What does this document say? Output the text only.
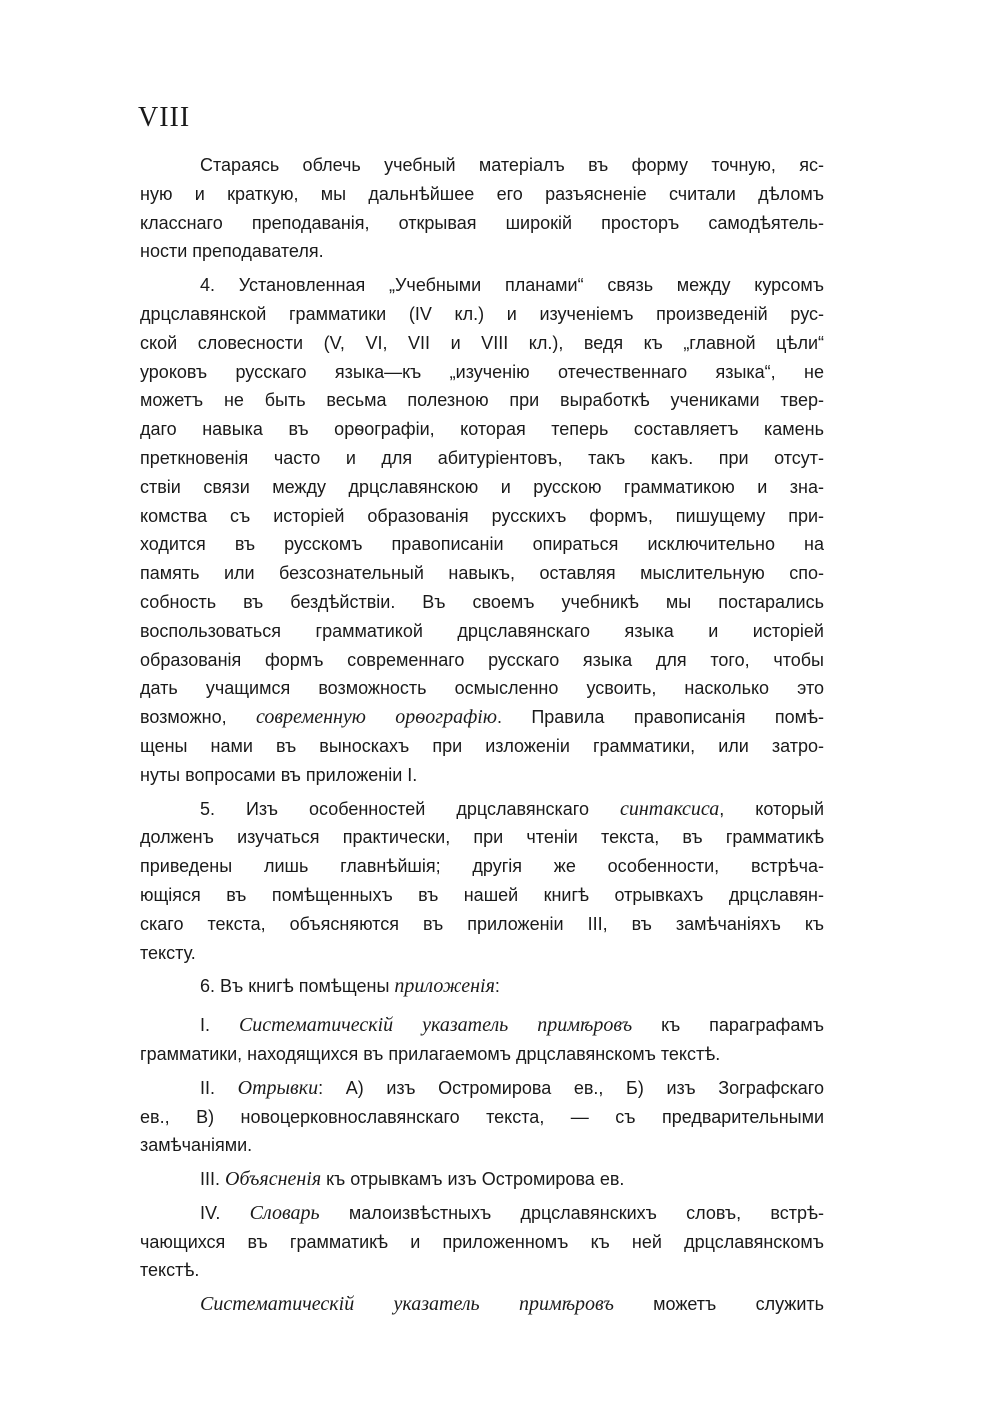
VIII
Стараясь облечь учебный матеріалъ въ форму точную, яс-
ную и краткую, мы дальнѣйшее его разъясненіе считали дѣломъ
класснаго преподаванія, открывая широкій просторъ самодѣятель-
ности преподавателя.
4. Установленная „Учебными планами“ связь между курсомъ
дрцславянской грамматики (IV кл.) и изученіемъ произведеній рус-
ской словесности (V, VI, VII и VIII кл.), ведя къ „главной цѣли“
уроковъ русскаго языка—къ „изученію отечественнаго языка“, не
можетъ не быть весьма полезною при выработкѣ учениками твер-
даго навыка въ орѳографіи, которая теперь составляетъ камень
преткновенія часто и для абитуріентовъ, такъ какъ. при отсут-
ствіи связи между дрцславянскою и русскою грамматикою и зна-
комства съ исторіей образованія русскихъ формъ, пишущему при-
ходится въ русскомъ правописаніи опираться исключительно на
память или безсознательный навыкъ, оставляя мыслительную спо-
собность въ бездѣйствіи. Въ своемъ учебникѣ мы постарались
воспользоваться грамматикой дрцславянскаго языка и исторіей
образованія формъ современнаго русскаго языка для того, чтобы
дать учащимся возможность осмысленно усвоить, насколько это
возможно, современную орѳографію. Правила правописанія помѣ-
щены нами въ выноскахъ при изложеніи грамматики, или затро-
нуты вопросами въ приложеніи I.
5. Изъ особенностей дрцславянскаго синтаксиса, который
долженъ изучаться практически, при чтеніи текста, въ грамматикѣ
приведены лишь главнѣйшія; другія же особенности, встрѣча-
ющіяся въ помѣщенныхъ въ нашей книгѣ отрывкахъ дрцславян-
скаго текста, объясняются въ приложеніи III, въ замѣчаніяхъ къ
тексту.
6. Въ книгѣ помѣщены приложенія:
I. Систематическій указатель примѣровъ къ параграфамъ
грамматики, находящихся въ прилагаемомъ дрцславянскомъ текстѣ.
II. Отрывки: А) изъ Остромирова ев., Б) изъ Зографскаго
ев., В) новоцерковнославянскаго текста, — съ предварительными
замѣчаніями.
III. Объясненія къ отрывкамъ изъ Остромирова ев.
IV. Словарь малоизвѣстныхъ дрцславянскихъ словъ, встрѣ-
чающихся въ грамматикѣ и приложенномъ къ ней дрцславянскомъ
текстѣ.
Систематическій указатель примѣровъ можетъ служить
